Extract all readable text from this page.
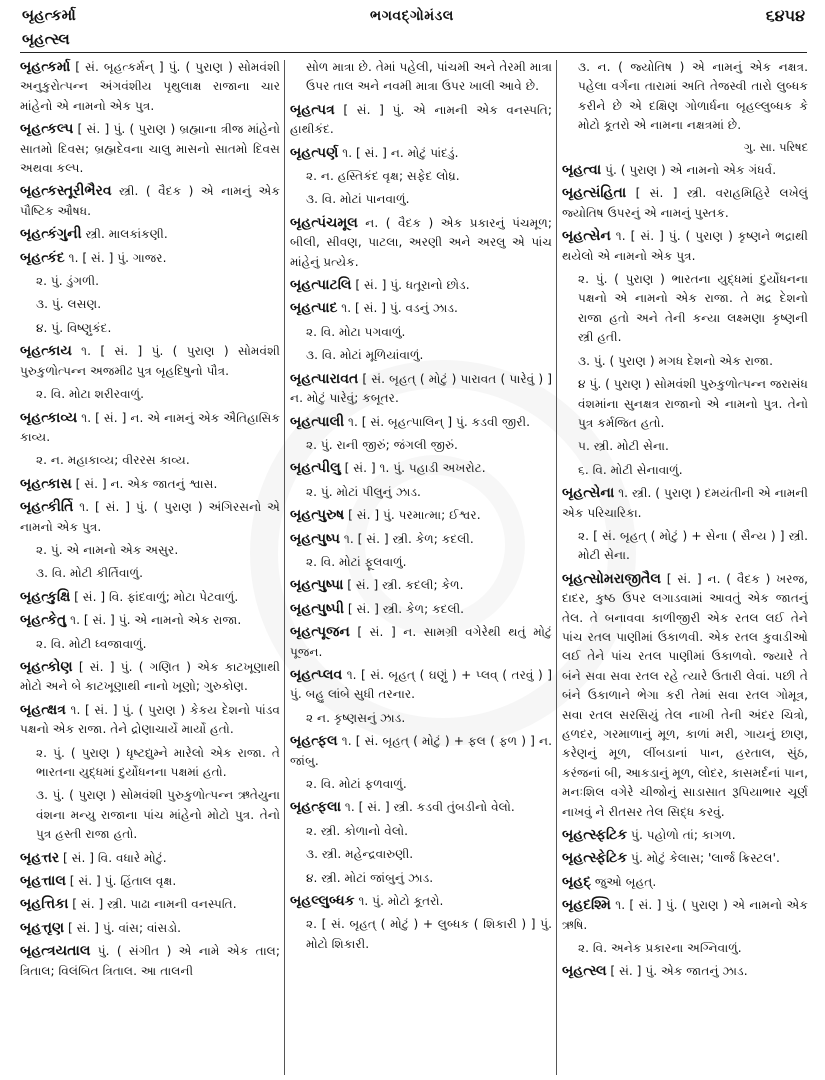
બૃહત્કર્મા
બૃહત્સ્લ
ભગવદ્ગોમંડલ	૬૪૫૪
બૃહત્કર્મા [ સં. બૃહત્કર્મન્ ] પું. ( પુરાણ ) સોમવંશી અનુકુરોત્પન્ન અંગવંશીય પૃથુલાક્ષ રાજાના ચાર માંહેનો એ નામનો એક પુત્ર.
બૃહત્કલ્પ [ સં. ] પું. ( પુરાણ ) બ્રહ્માના ત્રીજ માંહેનો સાતમો દિવસ; બ્રહ્મદેવના ચાલુ માસનો સાતમો દિવસ અથવા કલ્પ.
બૃહત્કસ્તૂરીભૈરવ સ્ત્રી. ( વૈદક ) એ નામનું એક પૌષ્ટિક ઔષધ.
બૃહત્કંગુની સ્ત્રી. માલકાંકણી.
બૃહત્કંદ ૧. [ સં. ] પું. ગાજર.
૨. પું. ડુંગળી.
૩. પું. લસણ.
૪. પું. વિષ્ણુકંદ.
બૃહત્કાય ૧. [ સં. ] પું. ( પુરાણ ) સોમવંશી પુરુકુળોત્પન્ન અજમીઢ પુત્ર બૃહદિષુનો પૌત્ર.
૨. વિ. મોટા શરીરવાળું.
બૃહત્કાવ્ય ૧. [ સં. ] ન. એ નામનું એક ઐતિહાસિક કાવ્ય.
૨. ન. મહાકાવ્ય; વીરરસ કાવ્ય.
બૃહત્કાસ [ સં. ] ન. એક જાતનું શ્વાસ.
બૃહત્કીર્તિ ૧. [ સં. ] પું. ( પુરાણ ) અંગિરસનો એ નામનો એક પુત્ર.
૨. પું. એ નામનો એક અસુર.
૩. વિ. મોટી કીર્તિવાળું.
બૃહત્કુક્ષિ [ સં. ] વિ. ફાંદવાળું; મોટા પેટવાળું.
બૃહત્કેતુ ૧. [ સં. ] પું. એ નામનો એક રાજા.
૨. વિ. મોટી ધ્વજાવાળું.
બૃહત્કોણ [ સં. ] પું. ( ગણિત ) એક કાટખૂણાથી મોટો અને બે કાટખૂણાથી નાનો ખૂણો; ગુરુકોણ.
બૃહત્ક્ષત્ર ૧. [ સં. ] પું. ( પુરાણ ) કેકય દેશનો પાંડવ પક્ષનો એક રાજા. તેને દ્રોણાચાર્યે માર્યો હતો.
૨. પું. ( પુરાણ ) ધૃષ્ટદ્યુમ્ને મારેલો એક રાજા. તે ભારતના યુદ્ધમાં દુર્યોધનના પક્ષમાં હતો.
૩. પું. ( પુરાણ ) સોમવંશી પુરુકુળોત્પન્ન ઋતેયુના વંશના મન્યુ રાજાના પાંચ માંહેનો મોટો પુત્ર. તેનો પુત્ર હસ્તી રાજા હતો.
બૃહત્તર [ સં. ] વિ. વધારે મોટું.
બૃહત્તાલ [ સં. ] પું. હિંતાલ વૃક્ષ.
બૃહત્તિકા [ સં. ] સ્ત્રી. પાઢા નામની વનસ્પતિ.
બૃહત્તૃણ [ સં. ] પું. વાંસ; વાંસડો.
બૃહત્ત્રયતાલ પું. ( સંગીત ) એ નામે એક તાલ; ત્રિતાલ; વિલંબિત ત્રિતાલ. આ તાલની
સોળ માત્રા છે. તેમાં પહેલી, પાંચમી અને તેરમી માત્રા ઉપર તાલ અને નવમી માત્રા ઉપર ખાલી આવે છે.
બૃહત્પત્ર [ સં. ] પું. એ નામની એક વનસ્પતિ; હાથીકંદ.
બૃહત્પર્ણ ૧. [ સં. ] ન. મોટું પાંદડું.
૨. ન. હસ્તિકંદ વૃક્ષ; સફેદ લોધ્ર.
૩. વિ. મોટાં પાનવાળું.
બૃહત્પંચમૂલ ન. ( વૈદક ) એક પ્રકારનું પંચમૂળ; બીલી, સીવણ, પાટલા, અરણી અને અરલુ એ પાંચ માંહેનું પ્રત્યેક.
બૃહત્પાટલિ [ સં. ] પું. ધતૂરાનો છોડ.
બૃહત્પાદ ૧. [ સં. ] પું. વડનું ઝાડ.
૨. વિ. મોટા પગવાળું.
૩. વિ. મોટાં મૂળિયાંવાળું.
બૃહત્પારાવત [ સં. બૃહત્ ( મોટું ) પારાવત ( પારેવું ) ] ન. મોટું પારેવું; કબૂતર.
બૃહત્પાલી ૧. [ સં. બૃહત્પાલિન્ ] પું. કડવી જીરી.
૨. પું. રાની જીરું; જંગલી જીરું.
બૃહત્પીલુ [ સં. ] ૧. પું. પહાડી અખરોટ.
૨. પું. મોટાં પીલુનું ઝાડ.
બૃહત્પુરુષ [ સં. ] પું. પરમાત્મા; ઈશ્વર.
બૃહત્પુષ્પ ૧. [ સં. ] સ્ત્રી. કેળ; કદલી.
૨. વિ. મોટાં ફૂલવાળું.
બૃહત્પુષ્પા [ સં. ] સ્ત્રી. કદલી; કેળ.
બૃહત્પુષ્પી [ સં. ] સ્ત્રી. કેળ; કદલી.
બૃહત્પૂજન [ સં. ] ન. સામગ્રી વગેરેથી થતું મોટું પૂજન.
બૃહત્પ્લવ ૧. [ સં. બૃહત્ ( ઘણું ) + પ્લવ્ ( તરવું ) ] પું. બહુ લાંબે સુધી તરનાર.
૨ ન. કૃષ્ણસનું ઝાડ.
બૃહત્ફલ ૧. [ સં. બૃહત્ ( મોટું ) + ફલ ( ફળ ) ] ન. જાંબુ.
૨. વિ. મોટાં ફળવાળું.
બૃહત્ફલા ૧. [ સં. ] સ્ત્રી. કડવી તુંબડીનો વેલો.
૨. સ્ત્રી. કોળાનો વેલો.
૩. સ્ત્રી. મહેન્દ્રવારુણી.
૪. સ્ત્રી. મોટાં જાંબુનું ઝાડ.
બૃહલ્લુબ્ધક ૧. પું. મોટો કૂતરો.
૨. [ સં. બૃહત્ ( મોટું ) + લુબ્ધક ( શિકારી ) ] પું. મોટો શિકારી.
૩. ન. ( જ્યોતિષ ) એ નામનું એક નક્ષત્ર. પહેલા વર્ગના તારામાં અતિ તેજસ્વી તારો લુબ્ધક કરીને છે એ દક્ષિણ ગોળાર્ધના બૃહલ્લુબ્ધક કે મોટો કૂતરો એ નામના નક્ષત્રમાં છે.
ગુ. સા. પરિષદ
બૃહત્વા પું. ( પુરાણ ) એ નામનો એક ગંધર્વ.
બૃહત્સંહિતા [ સં. ] સ્ત્રી. વરાહમિહિરે લખેલું જ્યોતિષ ઉપરનું એ નામનું પુસ્તક.
બૃહત્સેન ૧. [ સં. ] પું. ( પુરાણ ) કૃષ્ણને ભદ્રાથી થયેલો એ નામનો એક પુત્ર.
૨. પું. ( પુરાણ ) ભારતના યુદ્ધમાં દુર્યોધનના પક્ષનો એ નામનો એક રાજા. તે મદ્ર દેશનો રાજા હતો અને તેની કન્યા લક્ષ્મણા કૃષ્ણની સ્ત્રી હતી.
૩. પું. ( પુરાણ ) મગધ દેશનો એક રાજા.
૪ પું. ( પુરાણ ) સોમવંશી પુરુકુળોત્પન્ન જરાસંધ વંશમાંના સુનક્ષત્ર રાજાનો એ નામનો પુત્ર. તેનો પુત્ર કર્મજિત હતો.
૫. સ્ત્રી. મોટી સેના.
૬. વિ. મોટી સેનાવાળું.
બૃહત્સેના ૧. સ્ત્રી. ( પુરાણ ) દમયંતીની એ નામની એક પરિચારિકા.
૨. [ સં. બૃહત્ ( મોટું ) + સેના ( સૈન્ય ) ] સ્ત્રી. મોટી સેના.
બૃહત્સોમરાજીતૈલ [ સં. ] ન. ( વૈદક ) ખરજ, દાદર, કુષ્ઠ ઉપર લગાડવામાં આવતું એક જાતનું તેલ. તે બનાવવા કાળીજીરી એક રતલ લઈ તેને પાંચ રતલ પાણીમાં ઉકાળવી. એક રતલ કુવાડીઓ લઈ તેને પાંચ રતલ પાણીમાં ઉકાળવો. જ્યારે તે બંને સવા સવા રતલ રહે ત્યારે ઉતારી લેવાં. પછી તે બંને ઉકાળાને ભેગા કરી તેમાં સવા રતલ ગોમૂત્ર, સવા રતલ સરસિયું તેલ નાખી તેની અંદર ચિત્રો, હળદર, ગરમાળાનું મૂળ, કાળાં મરી, ગાયનું છાણ, કરેણનું મૂળ, લીંબડાનાં પાન, હરતાલ, સુંઠ, કરંજનાં બી, આકડાનું મૂળ, લોદર, કાસમર્દનાં પાન, મનઃશિલ વગેરે ચીજોનું સાડાસાત રૂપિયાભાર ચૂર્ણ નાખવું ને રીતસર તેલ સિદ્ધ કરવું.
બૃહત્સ્ફટિક પું. પહોળો તાં; કાગળ.
બૃહત્સ્ફેટિક પું. મોટું કેલાસ; 'લાર્જ ક્રિસ્ટલ'.
બૃહદ્ જુઓ બૃહત્.
બૃહદશ્મિ ૧. [ સં. ] પું. ( પુરાણ ) એ નામનો એક ઋષિ.
૨. વિ. અનેક પ્રકારના અગ્નિવાળું.
બૃહત્સ્લ [ સં. ] પું. એક જાતનું ઝાડ.
